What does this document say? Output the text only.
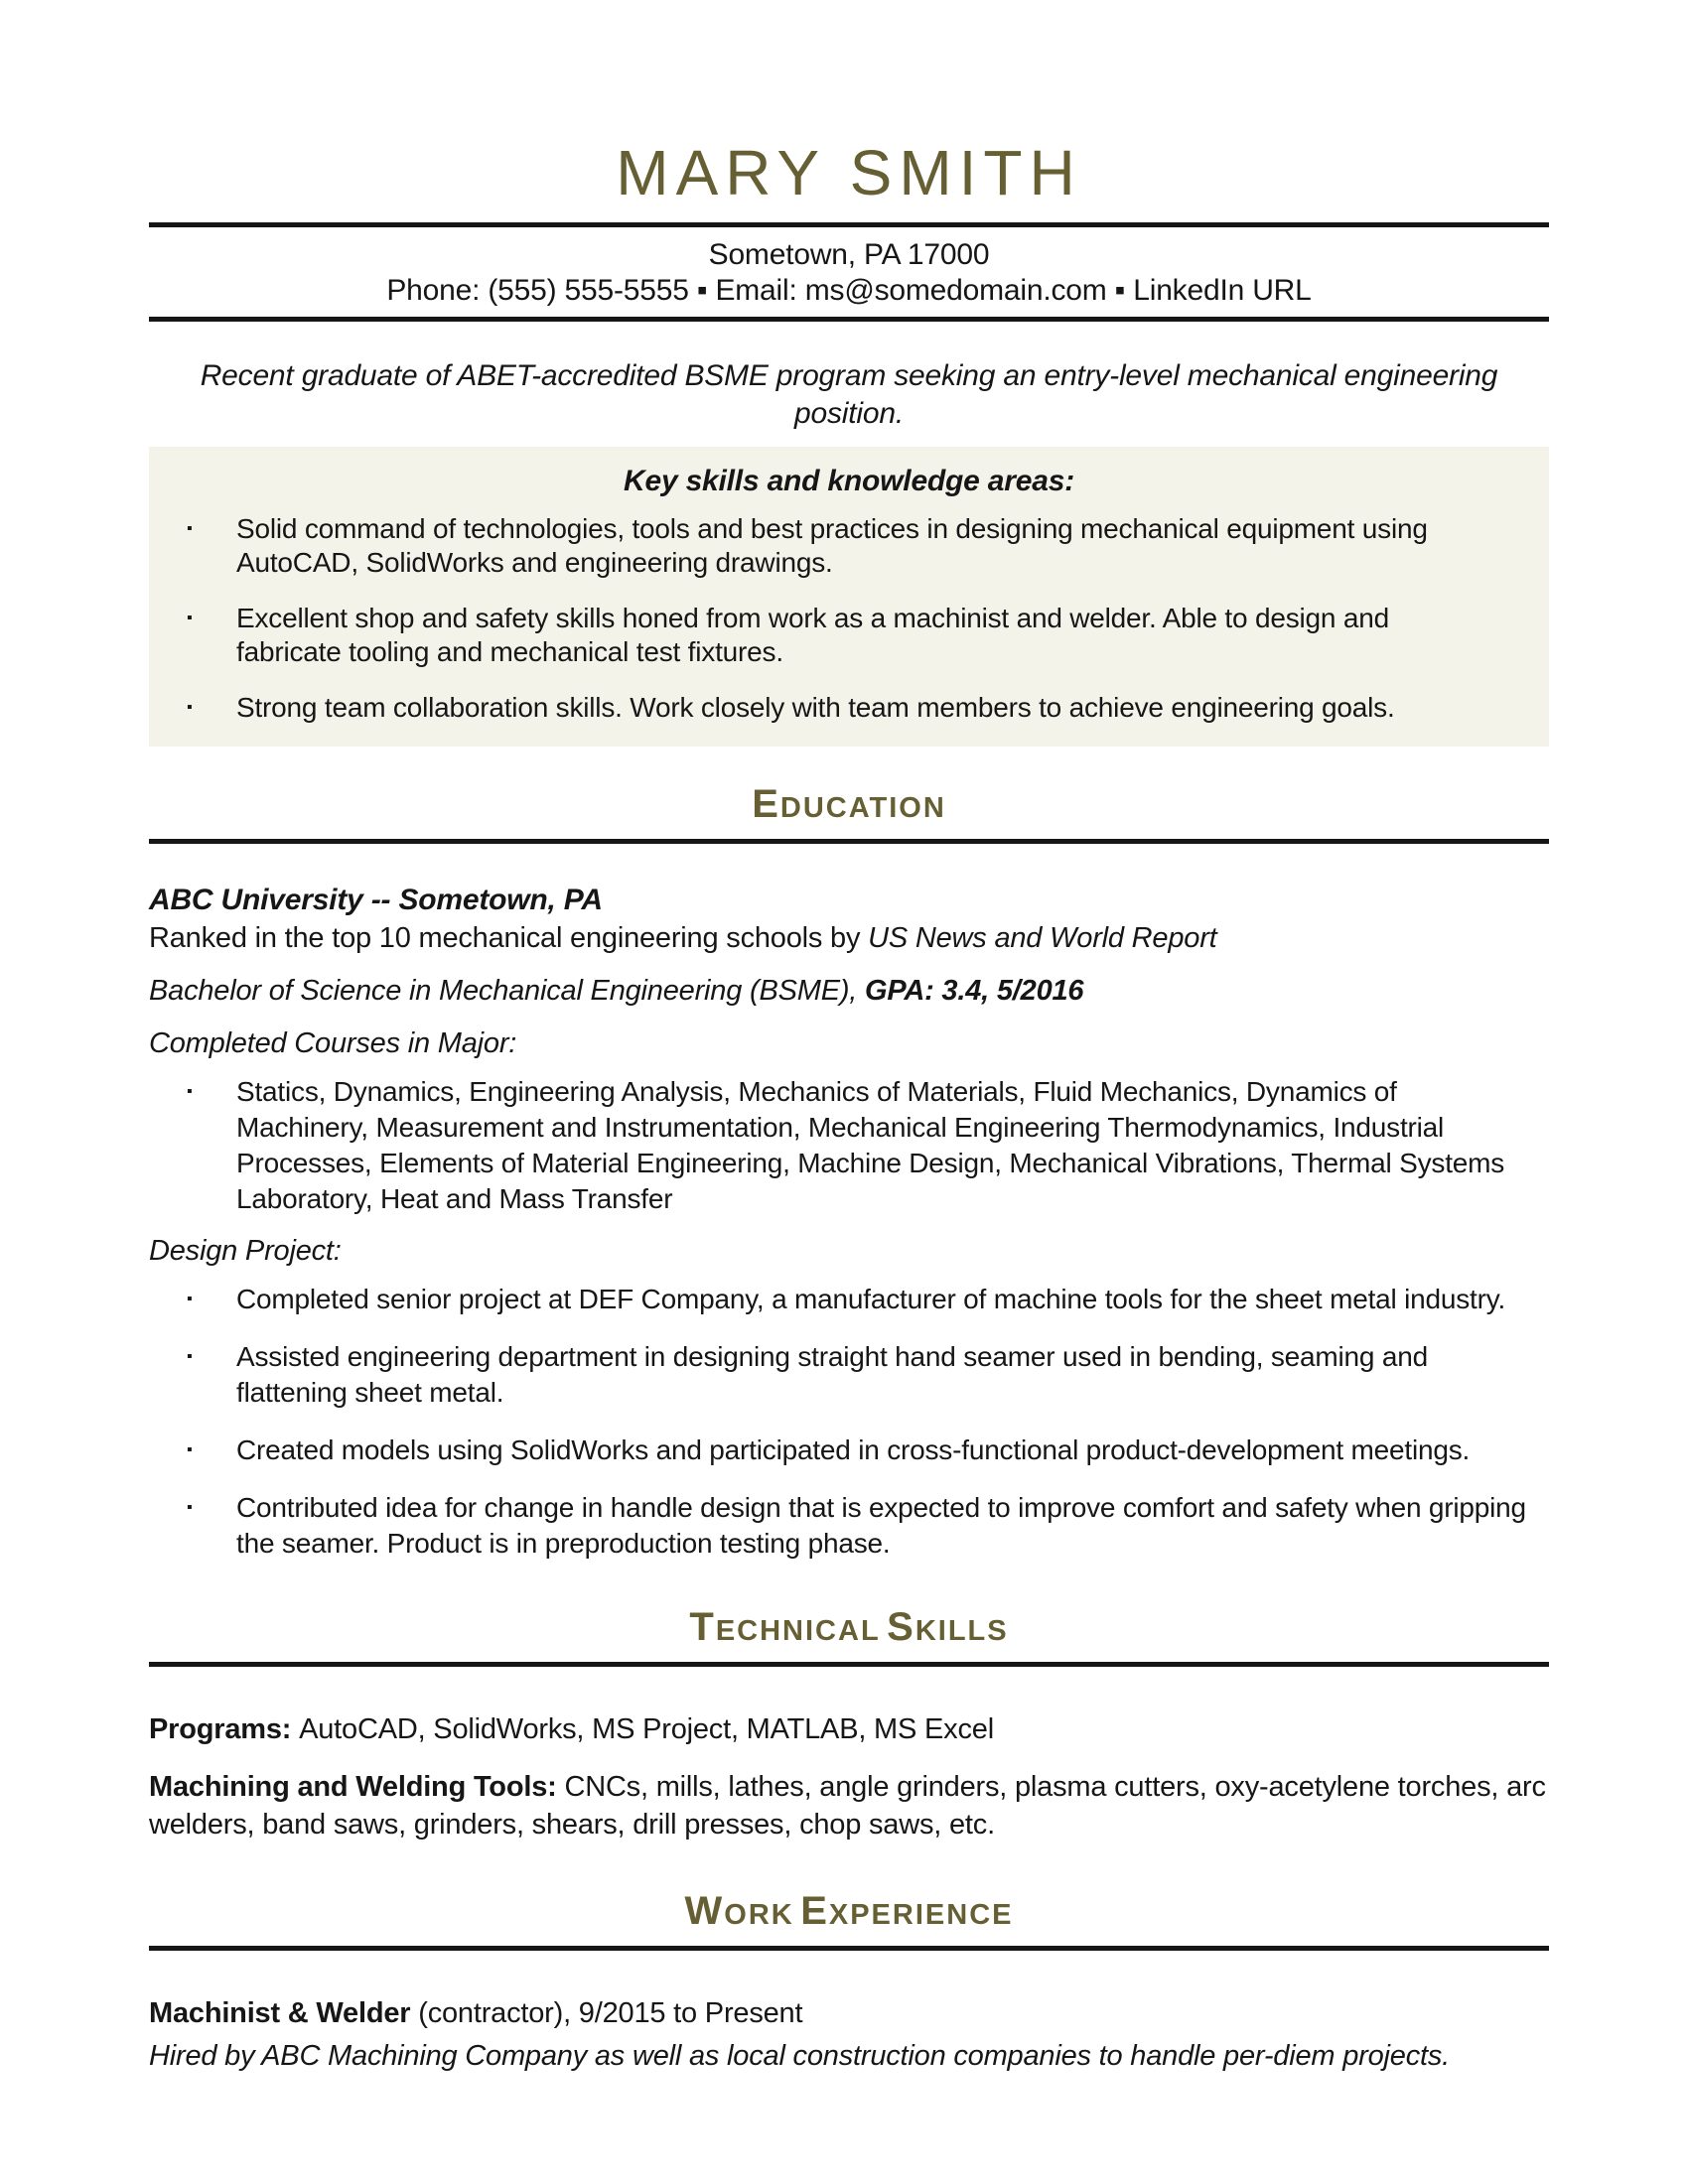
MARY SMITH
Sometown, PA 17000
Phone: (555) 555-5555 ▪ Email: ms@somedomain.com ▪ LinkedIn URL
Recent graduate of ABET-accredited BSME program seeking an entry-level mechanical engineering position.
Key skills and knowledge areas:
▪	Solid command of technologies, tools and best practices in designing mechanical equipment using AutoCAD, SolidWorks and engineering drawings.
▪	Excellent shop and safety skills honed from work as a machinist and welder. Able to design and fabricate tooling and mechanical test fixtures.
▪	Strong team collaboration skills. Work closely with team members to achieve engineering goals.
EDUCATION
ABC University -- Sometown, PA
Ranked in the top 10 mechanical engineering schools by US News and World Report
Bachelor of Science in Mechanical Engineering (BSME), GPA: 3.4, 5/2016
Completed Courses in Major:
▪	Statics, Dynamics, Engineering Analysis, Mechanics of Materials, Fluid Mechanics, Dynamics of Machinery, Measurement and Instrumentation, Mechanical Engineering Thermodynamics, Industrial Processes, Elements of Material Engineering, Machine Design, Mechanical Vibrations, Thermal Systems Laboratory, Heat and Mass Transfer
Design Project:
▪	Completed senior project at DEF Company, a manufacturer of machine tools for the sheet metal industry.
▪	Assisted engineering department in designing straight hand seamer used in bending, seaming and flattening sheet metal.
▪	Created models using SolidWorks and participated in cross-functional product-development meetings.
▪	Contributed idea for change in handle design that is expected to improve comfort and safety when gripping the seamer. Product is in preproduction testing phase.
TECHNICAL SKILLS
Programs: AutoCAD, SolidWorks, MS Project, MATLAB, MS Excel
Machining and Welding Tools: CNCs, mills, lathes, angle grinders, plasma cutters, oxy-acetylene torches, arc welders, band saws, grinders, shears, drill presses, chop saws, etc.
WORK EXPERIENCE
Machinist & Welder (contractor), 9/2015 to Present
Hired by ABC Machining Company as well as local construction companies to handle per-diem projects.
